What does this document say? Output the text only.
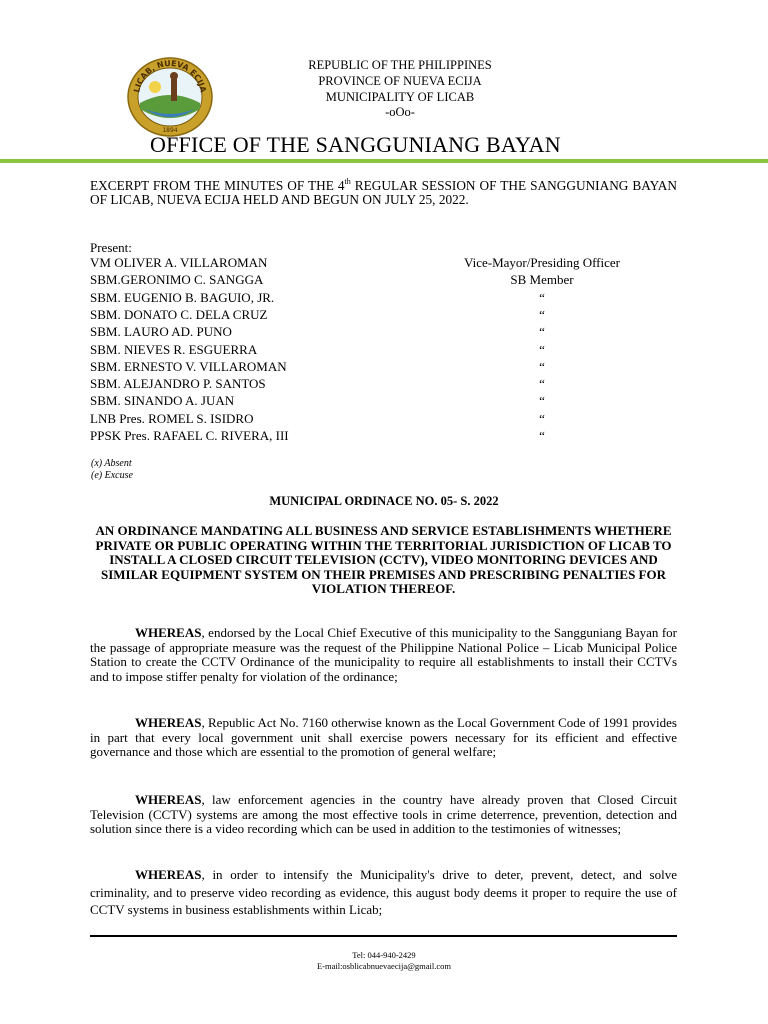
LICAB, NUEVA ECIJA
1894
REPUBLIC OF THE PHILIPPINES
PROVINCE OF NUEVA ECIJA
MUNICIPALITY OF LICAB
-oOo-
OFFICE OF THE SANGGUNIANG BAYAN
EXCERPT FROM THE MINUTES OF THE 4th REGULAR SESSION OF THE SANGGUNIANG BAYAN OF LICAB, NUEVA ECIJA HELD AND BEGUN ON JULY 25, 2022.
Present:
VM OLIVER A. VILLAROMAN	Vice-Mayor/Presiding Officer
SBM.GERONIMO C. SANGGA	SB Member
SBM. EUGENIO B. BAGUIO, JR.	“
SBM. DONATO C. DELA CRUZ	“
SBM. LAURO AD. PUNO	“
SBM. NIEVES R. ESGUERRA	“
SBM. ERNESTO V. VILLAROMAN	“
SBM. ALEJANDRO P. SANTOS	“
SBM. SINANDO A. JUAN	“
LNB Pres. ROMEL S. ISIDRO	“
PPSK Pres. RAFAEL C. RIVERA, III	“
(x) Absent
(e) Excuse
MUNICIPAL ORDINACE NO. 05- S. 2022
AN ORDINANCE MANDATING ALL BUSINESS AND SERVICE ESTABLISHMENTS WHETHERE PRIVATE OR PUBLIC OPERATING WITHIN THE TERRITORIAL JURISDICTION OF LICAB TO INSTALL A CLOSED CIRCUIT TELEVISION (CCTV), VIDEO MONITORING DEVICES AND SIMILAR EQUIPMENT SYSTEM ON THEIR PREMISES AND PRESCRIBING PENALTIES FOR VIOLATION THEREOF.
WHEREAS, endorsed by the Local Chief Executive of this municipality to the Sangguniang Bayan for the passage of appropriate measure was the request of the Philippine National Police – Licab Municipal Police Station to create the CCTV Ordinance of the municipality to require all establishments to install their CCTVs and to impose stiffer penalty for violation of the ordinance;
WHEREAS, Republic Act No. 7160 otherwise known as the Local Government Code of 1991 provides in part that every local government unit shall exercise powers necessary for its efficient and effective governance and those which are essential to the promotion of general welfare;
WHEREAS, law enforcement agencies in the country have already proven that Closed Circuit Television (CCTV) systems are among the most effective tools in crime deterrence, prevention, detection and solution since there is a video recording which can be used in addition to the testimonies of witnesses;
WHEREAS, in order to intensify the Municipality's drive to deter, prevent, detect, and solve criminality, and to preserve video recording as evidence, this august body deems it proper to require the use of CCTV systems in business establishments within Licab;
Tel: 044-940-2429
E-mail:osblicabnuevaecija@gmail.com
